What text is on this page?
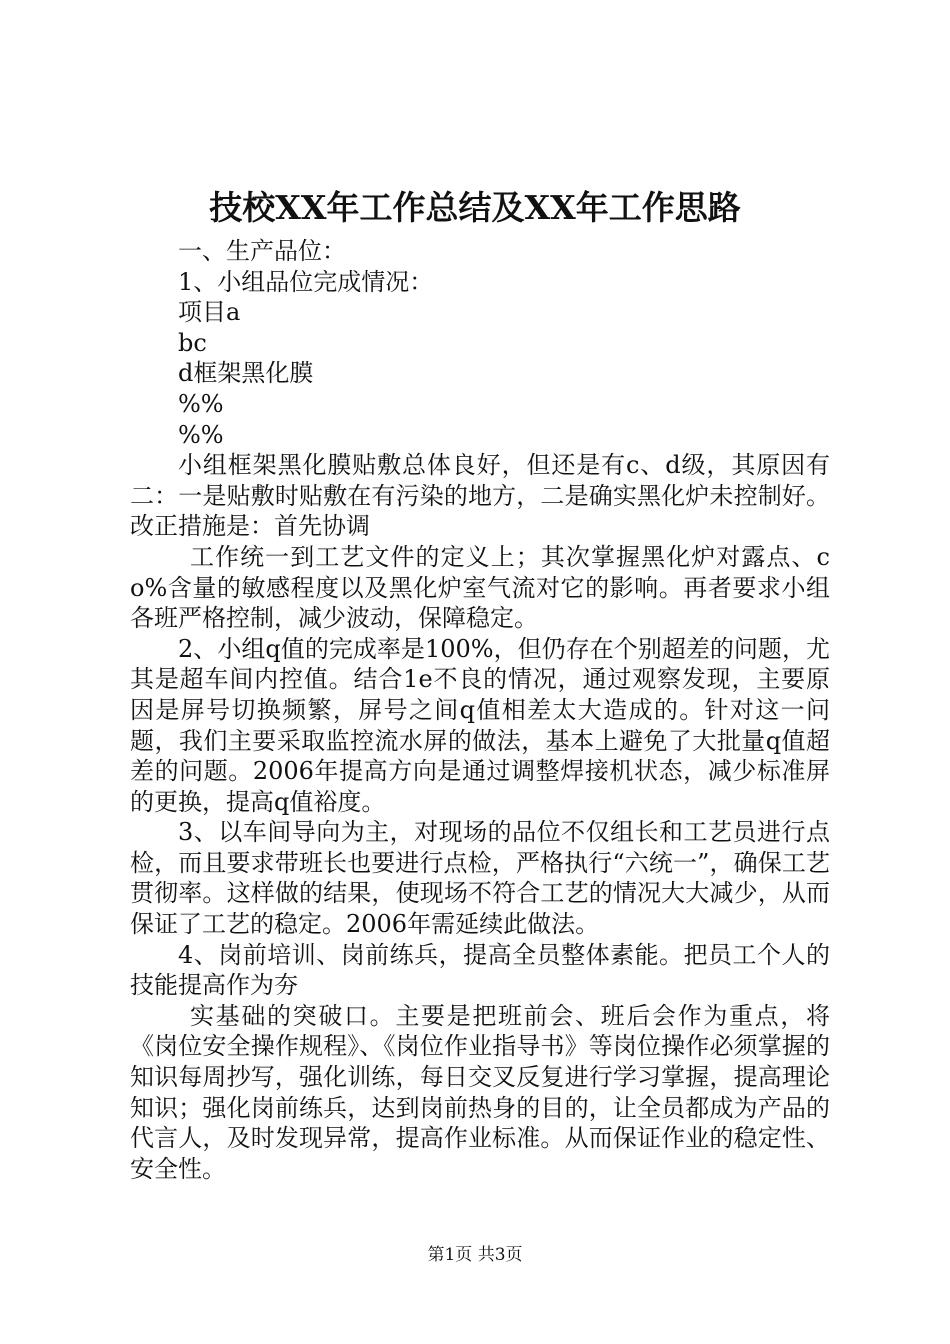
技校XX年工作总结及XX年工作思路
一、生产品位：
1、小组品位完成情况：
项目a
bc
d框架黑化膜
%%
%%
小组框架黑化膜贴敷总体良好，但还是有c、d级，其原因有二：一是贴敷时贴敷在有污染的地方，二是确实黑化炉未控制好。改正措施是：首先协调
工作统一到工艺文件的定义上；其次掌握黑化炉对露点、co%含量的敏感程度以及黑化炉室气流对它的影响。再者要求小组各班严格控制，减少波动，保障稳定。
2、小组q值的完成率是100%，但仍存在个别超差的问题，尤其是超车间内控值。结合1e不良的情况，通过观察发现，主要原因是屏号切换频繁，屏号之间q值相差太大造成的。针对这一问题，我们主要采取监控流水屏的做法，基本上避免了大批量q值超差的问题。2006年提高方向是通过调整焊接机状态，减少标准屏的更换，提高q值裕度。
3、以车间导向为主，对现场的品位不仅组长和工艺员进行点检，而且要求带班长也要进行点检，严格执行“六统一”，确保工艺贯彻率。这样做的结果，使现场不符合工艺的情况大大减少，从而保证了工艺的稳定。2006年需延续此做法。
4、岗前培训、岗前练兵，提高全员整体素能。把员工个人的技能提高作为夯
实基础的突破口。主要是把班前会、班后会作为重点，将《岗位安全操作规程》、《岗位作业指导书》等岗位操作必须掌握的知识每周抄写，强化训练，每日交叉反复进行学习掌握，提高理论知识；强化岗前练兵，达到岗前热身的目的，让全员都成为产品的代言人，及时发现异常，提高作业标准。从而保证作业的稳定性、安全性。
第1页 共3页
